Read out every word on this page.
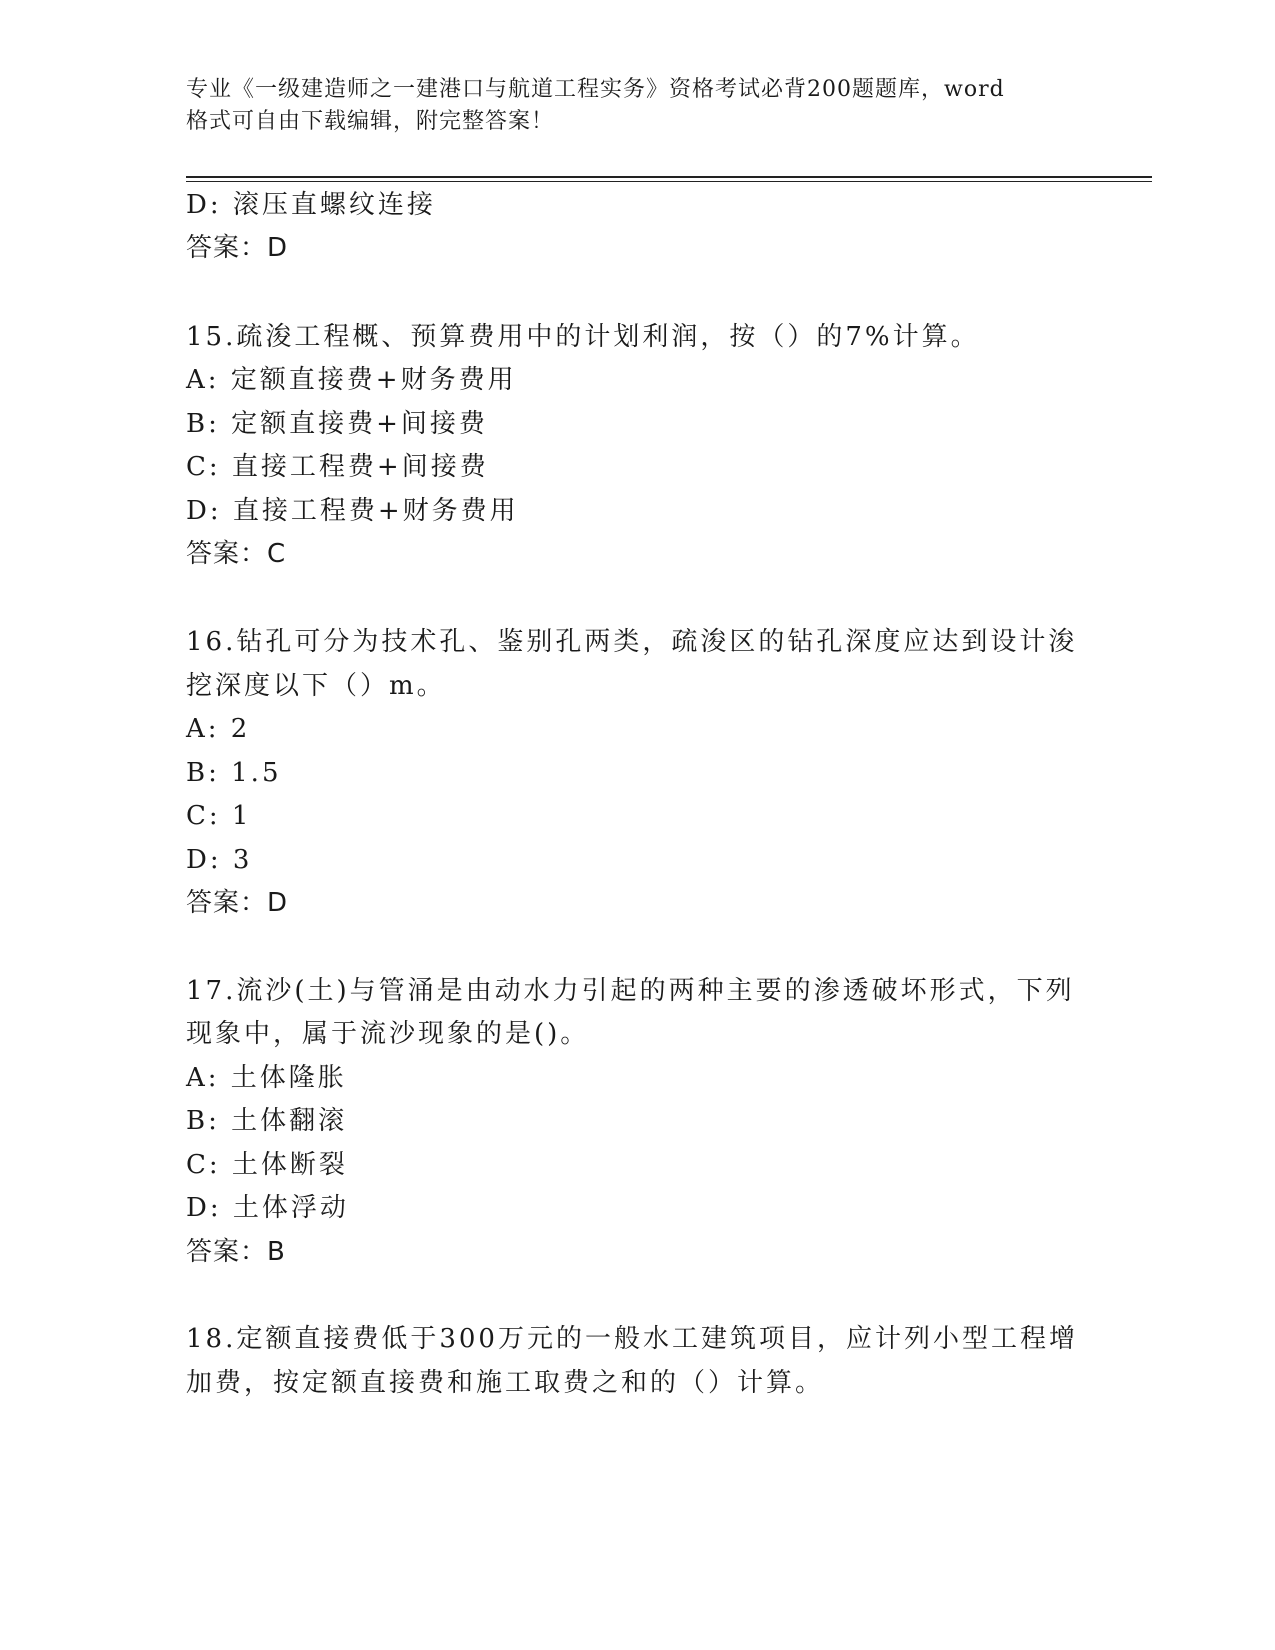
专业《一级建造师之一建港口与航道工程实务》资格考试必背200题题库，word
格式可自由下载编辑，附完整答案！
D: 滚压直螺纹连接
答案：D
15.疏浚工程概、预算费用中的计划利润，按（）的7%计算。
A: 定额直接费+财务费用
B: 定额直接费+间接费
C: 直接工程费+间接费
D: 直接工程费+财务费用
答案：C
16.钻孔可分为技术孔、鉴别孔两类，疏浚区的钻孔深度应达到设计浚
挖深度以下（）m。
A: 2
B: 1.5
C: 1
D: 3
答案：D
17.流沙(土)与管涌是由动水力引起的两种主要的渗透破坏形式，下列
现象中，属于流沙现象的是()。
A: 土体隆胀
B: 土体翻滚
C: 土体断裂
D: 土体浮动
答案：B
18.定额直接费低于300万元的一般水工建筑项目，应计列小型工程增
加费，按定额直接费和施工取费之和的（）计算。
